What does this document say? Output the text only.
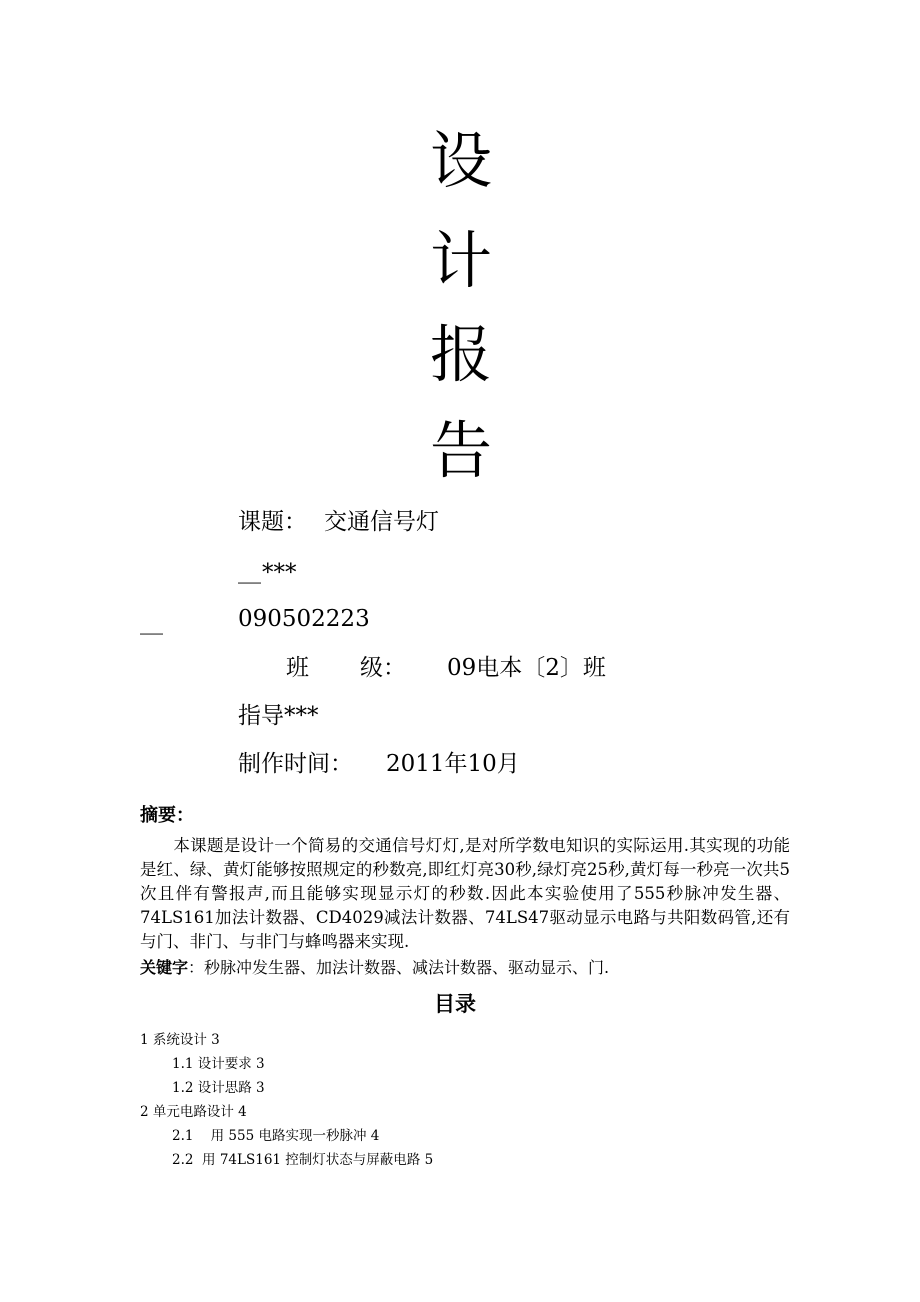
设
计
报
告
课题： 交通信号灯
__ ***
__	090502223
班 级： 09电本〔2〕班
指导***
制作时间： 2011年10月
摘要：
本课题是设计一个简易的交通信号灯灯,是对所学数电知识的实际运用.其实现的功能是红、绿、黄灯能够按照规定的秒数亮,即红灯亮30秒,绿灯亮25秒,黄灯每一秒亮一次共5次且伴有警报声,而且能够实现显示灯的秒数.因此本实验使用了555秒脉冲发生器、74LS161加法计数器、CD4029减法计数器、74LS47驱动显示电路与共阳数码管,还有与门、非门、与非门与蜂鸣器来实现.
关键字：秒脉冲发生器、加法计数器、减法计数器、驱动显示、门.
目录
1 系统设计 3
1.1 设计要求 3
1.2 设计思路 3
2 单元电路设计 4
2.1    用 555 电路实现一秒脉冲 4
2.2  用 74LS161 控制灯状态与屏蔽电路 5
